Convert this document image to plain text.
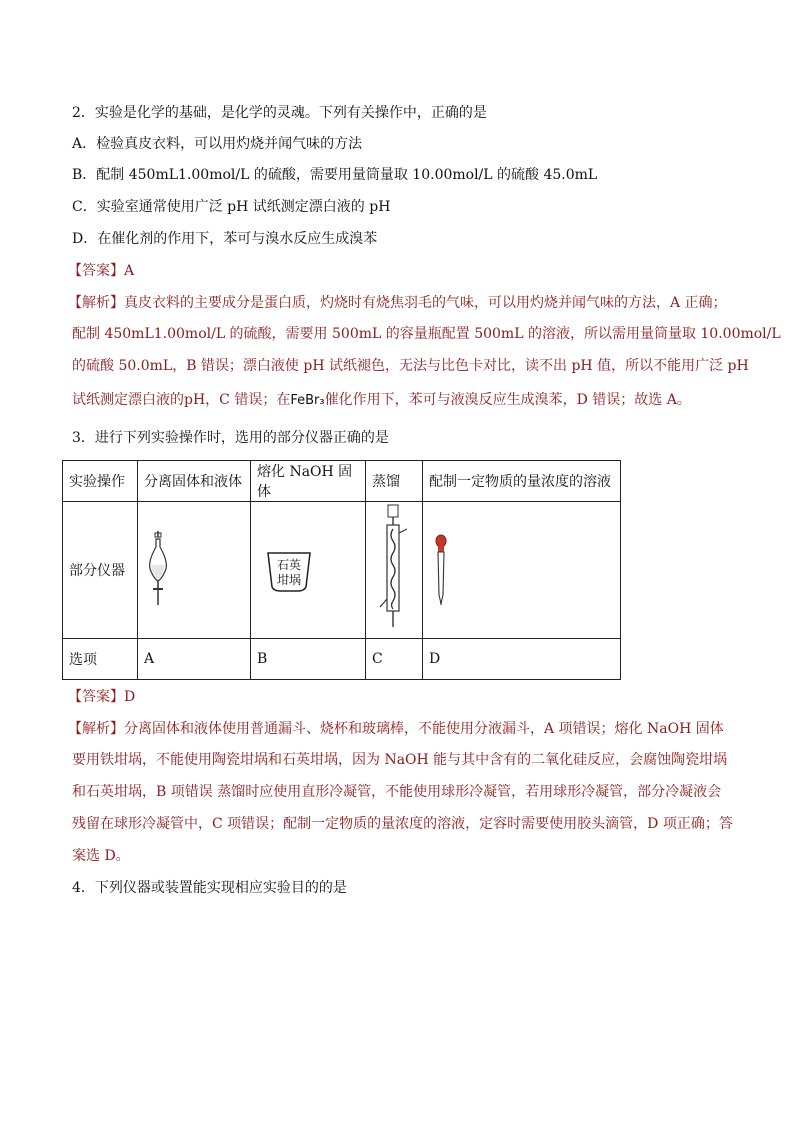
2．实验是化学的基础，是化学的灵魂。下列有关操作中，正确的是
A．检验真皮衣料，可以用灼烧并闻气味的方法
B．配制 450mL1.00mol/L 的硫酸，需要用量筒量取 10.00mol/L 的硫酸 45.0mL
C．实验室通常使用广泛 pH 试纸测定漂白液的 pH
D．在催化剂的作用下，苯可与溴水反应生成溴苯
【答案】A
【解析】真皮衣料的主要成分是蛋白质，灼烧时有烧焦羽毛的气味，可以用灼烧并闻气味的方法，A 正确；
配制 450mL1.00mol/L 的硫酸，需要用 500mL 的容量瓶配置 500mL 的溶液，所以需用量筒量取 10.00mol/L
的硫酸 50.0mL，B 错误；漂白液使 pH 试纸褪色，无法与比色卡对比，读不出 pH 值，所以不能用广泛 pH
试纸测定漂白液的pH，C 错误；在FeBr₃催化作用下，苯可与液溴反应生成溴苯，D 错误；故选 A。
3．进行下列实验操作时，选用的部分仪器正确的是
实验操作	分离固体和液体	熔化 NaOH 固体	蒸馏	配制一定物质的量浓度的溶液
部分仪器		石英
坩埚

选项	A	B	C	D
【答案】D
【解析】分离固体和液体使用普通漏斗、烧杯和玻璃棒，不能使用分液漏斗，A 项错误；熔化 NaOH 固体
要用铁坩埚，不能使用陶瓷坩埚和石英坩埚，因为 NaOH 能与其中含有的二氧化硅反应，会腐蚀陶瓷坩埚
和石英坩埚，B 项错误 蒸馏时应使用直形冷凝管，不能使用球形冷凝管，若用球形冷凝管，部分冷凝液会
残留在球形冷凝管中，C 项错误；配制一定物质的量浓度的溶液，定容时需要使用胶头滴管，D 项正确；答
案选 D。
4．下列仪器或装置能实现相应实验目的的是
